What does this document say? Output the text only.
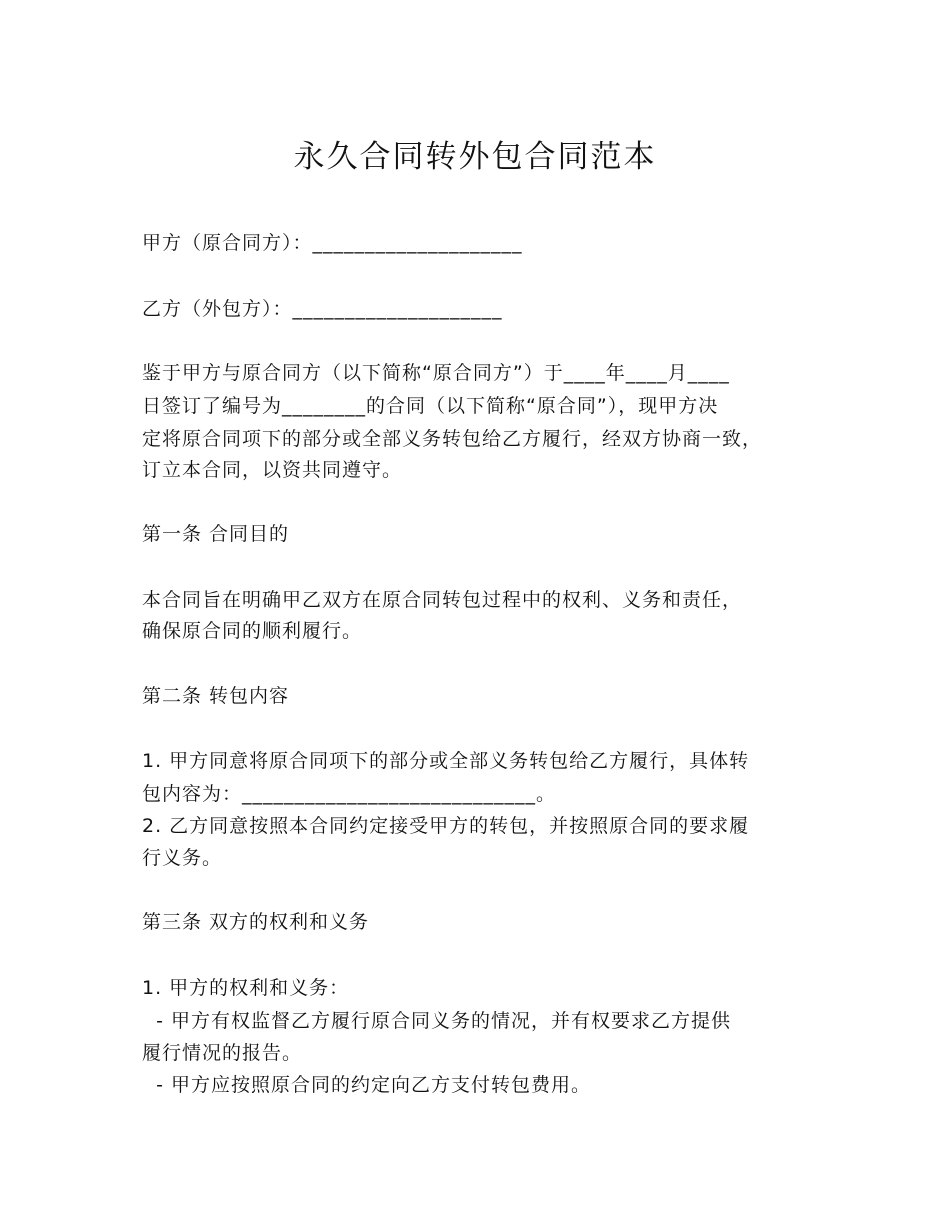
永久合同转外包合同范本
甲方（原合同方）：____________________
乙方（外包方）：____________________
鉴于甲方与原合同方（以下简称“原合同方”）于____年____月____
日签订了编号为________的合同（以下简称“原合同”），现甲方决
定将原合同项下的部分或全部义务转包给乙方履行，经双方协商一致，
订立本合同，以资共同遵守。
第一条 合同目的
本合同旨在明确甲乙双方在原合同转包过程中的权利、义务和责任，
确保原合同的顺利履行。
第二条 转包内容
1. 甲方同意将原合同项下的部分或全部义务转包给乙方履行，具体转
包内容为：____________________________。
2. 乙方同意按照本合同约定接受甲方的转包，并按照原合同的要求履
行义务。
第三条 双方的权利和义务
1. 甲方的权利和义务：
- 甲方有权监督乙方履行原合同义务的情况，并有权要求乙方提供
履行情况的报告。
- 甲方应按照原合同的约定向乙方支付转包费用。
